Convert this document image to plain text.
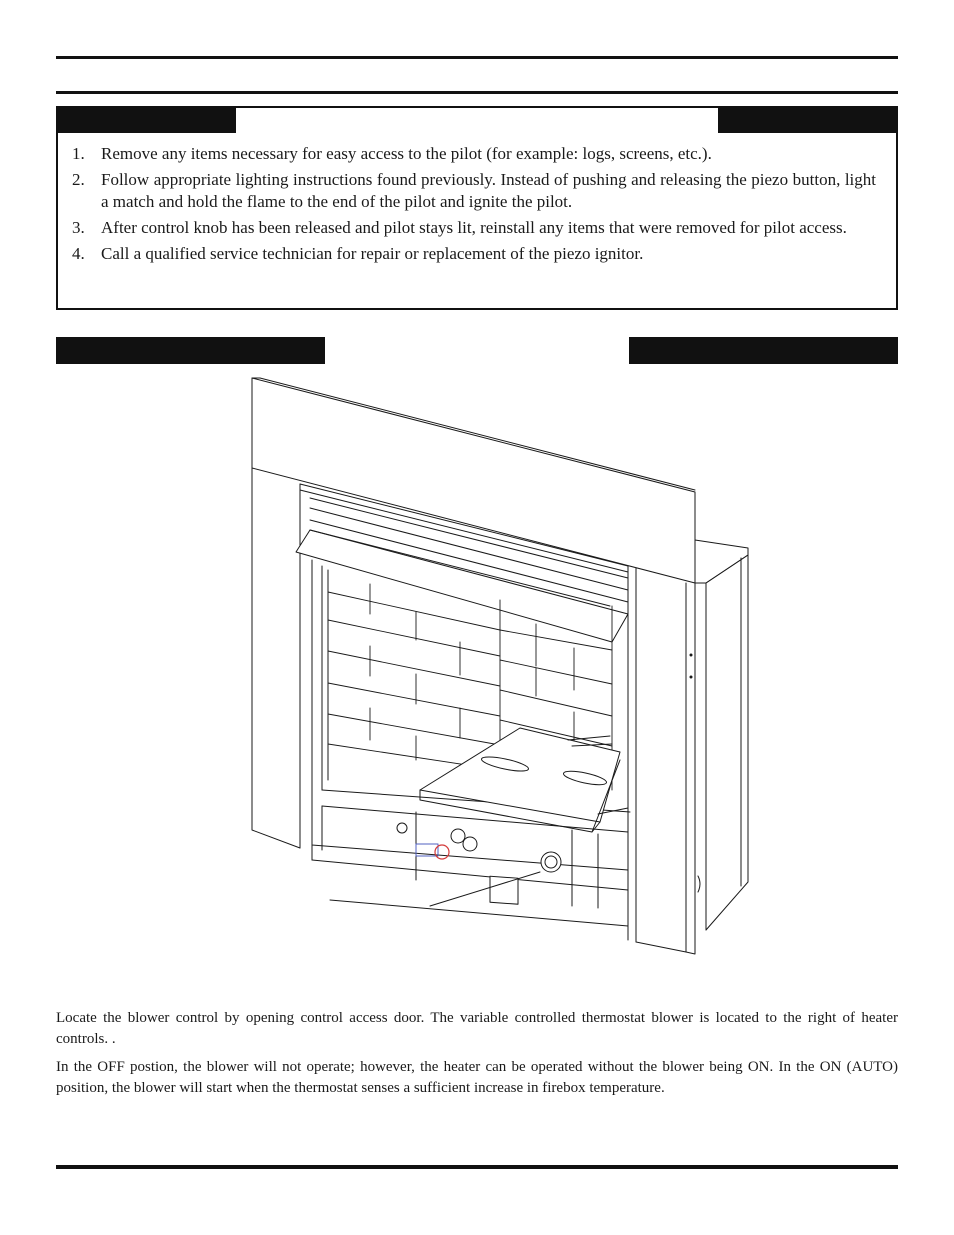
1. Remove any items necessary for easy access to the pilot (for example: logs, screens, etc.).
2. Follow appropriate lighting instructions found previously. Instead of pushing and releasing the piezo button, light a match and hold the flame to the end of the pilot and ignite the pilot.
3. After control knob has been released and pilot stays lit, reinstall any items that were removed for pilot access.
4. Call a qualified service technician for repair or replacement of the piezo ignitor.

Locate the blower control by opening control access door. The variable controlled thermostat blower is located to the right of heater controls. .

In the OFF postion, the blower will not operate; however, the heater can be operated without the blower being ON. In the ON (AUTO) position, the blower will start when the thermostat senses a sufficient increase in firebox temperature.
